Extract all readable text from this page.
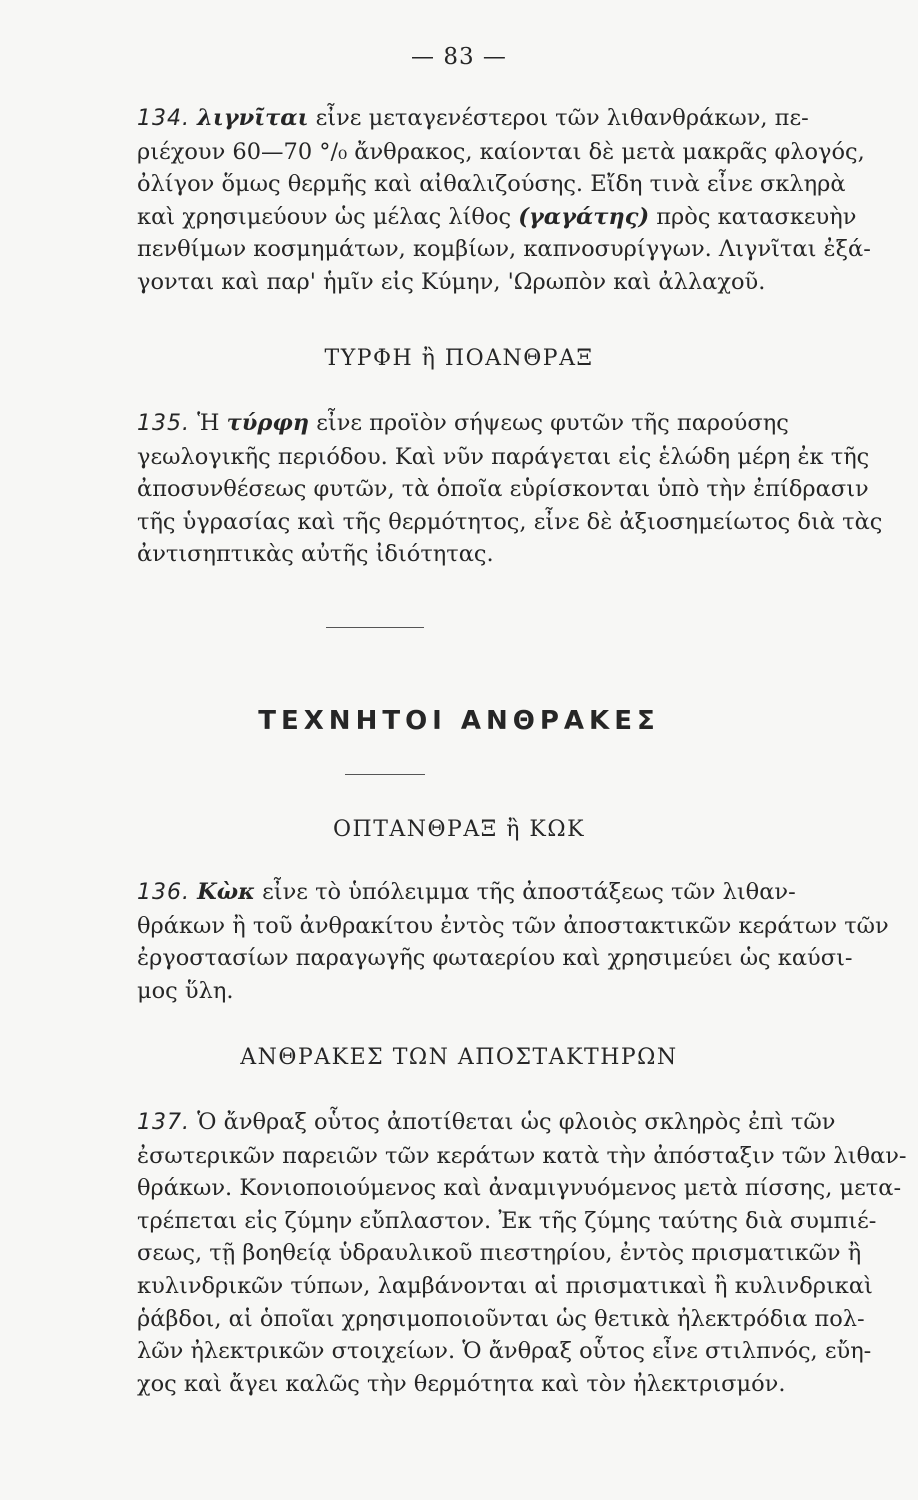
— 83 —
134. λιγνῖται εἶνε μεταγενέστεροι τῶν λιθανθράκων, πε-
ριέχουν 60—70 °/₀ ἄνθρακος, καίονται δὲ μετὰ μακρᾶς φλογός,
ὀλίγον ὅμως θερμῆς καὶ αἰθαλιζούσης. Εἴδη τινὰ εἶνε σκληρὰ
καὶ χρησιμεύουν ὡς μέλας λίθος (γαγάτης) πρὸς κατασκευὴν
πενθίμων κοσμημάτων, κομβίων, καπνοσυρίγγων. Λιγνῖται ἐξά-
γονται καὶ παρ' ἡμῖν εἰς Κύμην, 'Ωρωπὸν καὶ ἀλλαχοῦ.
ΤΥΡΦΗ ἢ ΠΟΑΝΘΡΑΞ
135. Ἡ τύρφη εἶνε προϊὸν σήψεως φυτῶν τῆς παρούσης
γεωλογικῆς περιόδου. Καὶ νῦν παράγεται εἰς ἑλώδη μέρη ἐκ τῆς
ἀποσυνθέσεως φυτῶν, τὰ ὁποῖα εὑρίσκονται ὑπὸ τὴν ἐπίδρασιν
τῆς ὑγρασίας καὶ τῆς θερμότητος, εἶνε δὲ ἀξιοσημείωτος διὰ τὰς
ἀντισηπτικὰς αὐτῆς ἰδιότητας.
ΤΕΧΝΗΤΟΙ ΑΝΘΡΑΚΕΣ
ΟΠΤΑΝΘΡΑΞ ἢ ΚΩΚ
136. Κὼκ εἶνε τὸ ὑπόλειμμα τῆς ἀποστάξεως τῶν λιθαν-
θράκων ἢ τοῦ ἀνθρακίτου ἐντὸς τῶν ἀποστακτικῶν κεράτων τῶν
ἐργοστασίων παραγωγῆς φωταερίου καὶ χρησιμεύει ὡς καύσι-
μος ὕλη.
ΑΝΘΡΑΚΕΣ ΤΩΝ ΑΠΟΣΤΑΚΤΗΡΩΝ
137. Ὁ ἄνθραξ οὗτος ἀποτίθεται ὡς φλοιὸς σκληρὸς ἐπὶ τῶν
ἐσωτερικῶν παρειῶν τῶν κεράτων κατὰ τὴν ἀπόσταξιν τῶν λιθαν-
θράκων. Κονιοποιούμενος καὶ ἀναμιγνυόμενος μετὰ πίσσης, μετα-
τρέπεται εἰς ζύμην εὔπλαστον. Ἐκ τῆς ζύμης ταύτης διὰ συμπιέ-
σεως, τῇ βοηθείᾳ ὑδραυλικοῦ πιεστηρίου, ἐντὸς πρισματικῶν ἢ
κυλινδρικῶν τύπων, λαμβάνονται αἱ πρισματικαὶ ἢ κυλινδρικαὶ
ῥάβδοι, αἱ ὁποῖαι χρησιμοποιοῦνται ὡς θετικὰ ἠλεκτρόδια πολ-
λῶν ἠλεκτρικῶν στοιχείων. Ὁ ἄνθραξ οὗτος εἶνε στιλπνός, εὔη-
χος καὶ ἄγει καλῶς τὴν θερμότητα καὶ τὸν ἠλεκτρισμόν.
